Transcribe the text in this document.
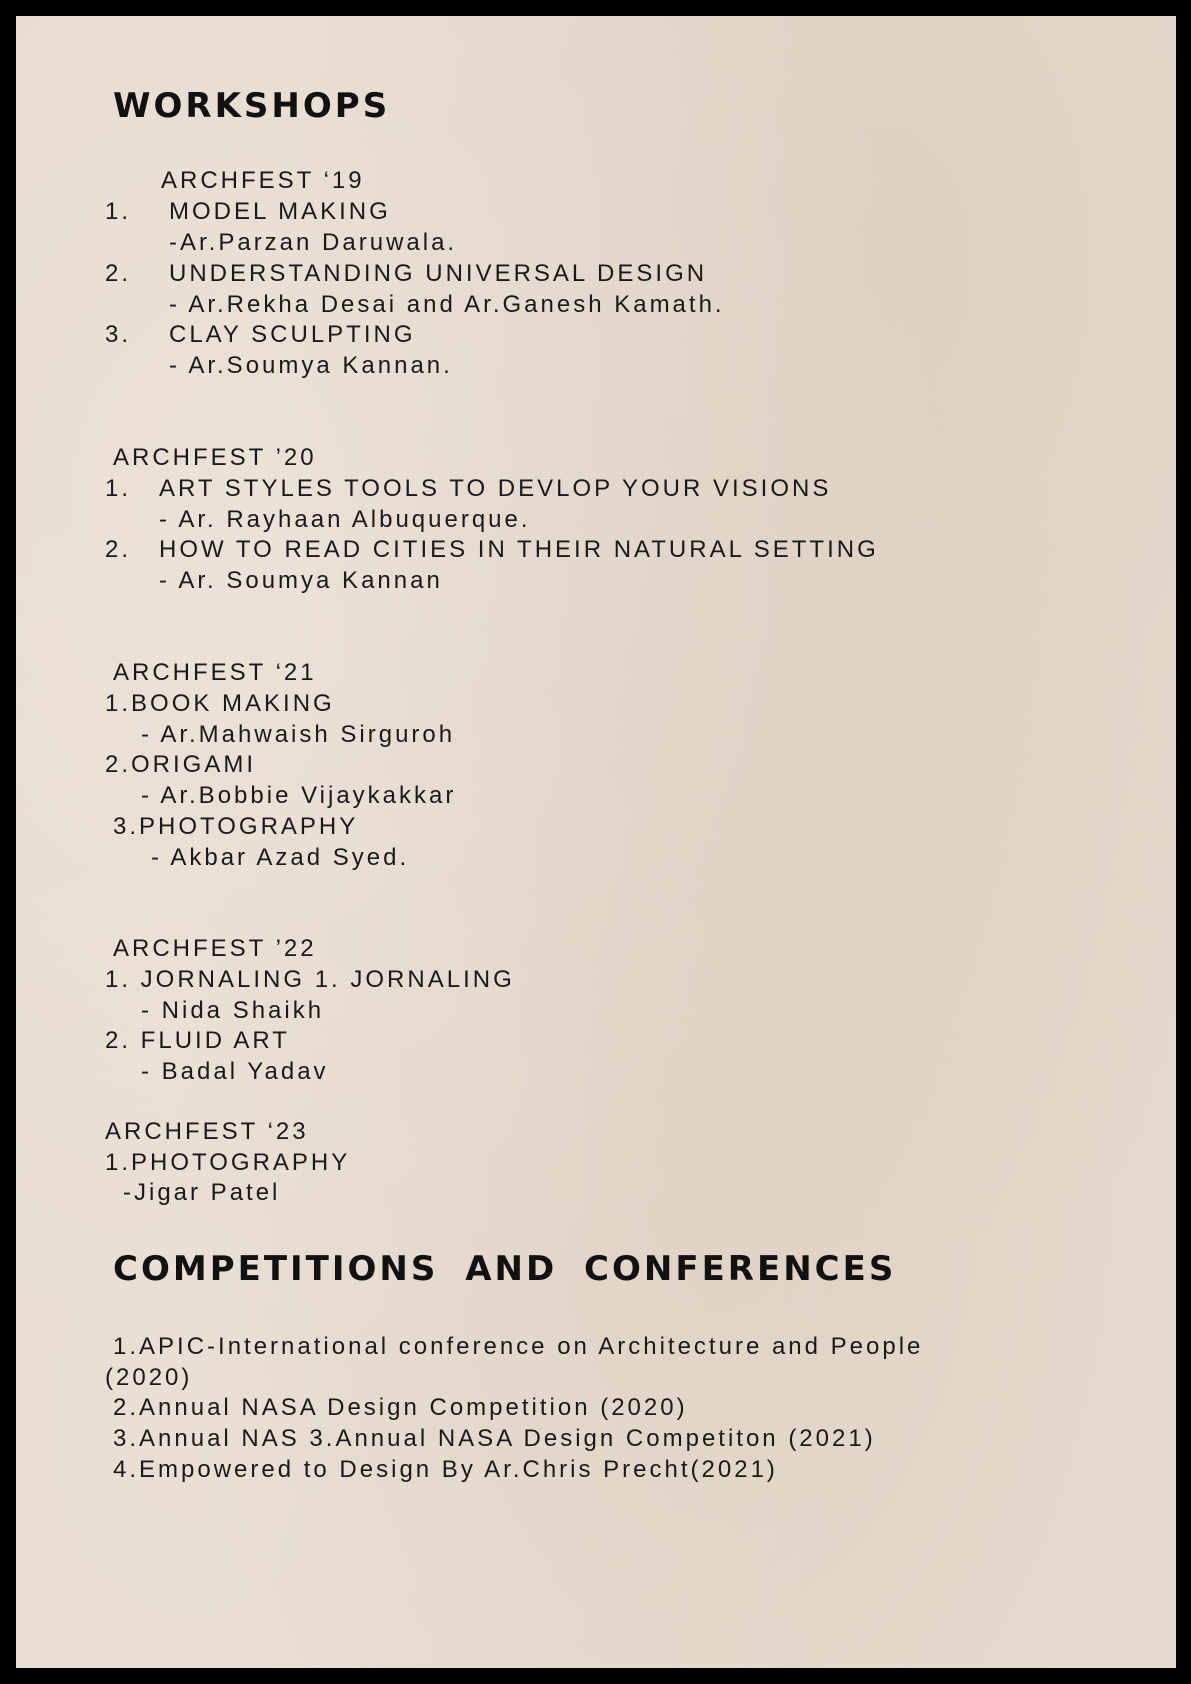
WORKSHOPS
ARCHFEST ‘19
1. MODEL MAKING
-Ar.Parzan Daruwala.
2. UNDERSTANDING UNIVERSAL DESIGN
- Ar.Rekha Desai and Ar.Ganesh Kamath.
3. CLAY SCULPTING
- Ar.Soumya Kannan.
ARCHFEST ’20
1. ART STYLES TOOLS TO DEVLOP YOUR VISIONS
- Ar. Rayhaan Albuquerque.
2. HOW TO READ CITIES IN THEIR NATURAL SETTING
- Ar. Soumya Kannan
ARCHFEST ‘21
1.BOOK MAKING
- Ar.Mahwaish Sirguroh
2.ORIGAMI
- Ar.Bobbie Vijaykakkar
3.PHOTOGRAPHY
- Akbar Azad Syed.
ARCHFEST ’22
1. JORNALING 1. JORNALING
- Nida Shaikh
2. FLUID ART
- Badal Yadav
ARCHFEST ‘23
1.PHOTOGRAPHY
-Jigar Patel
COMPETITIONS AND CONFERENCES
1.APIC-International conference on Architecture and People
(2020)
2.Annual NASA Design Competition (2020)
3.Annual NAS 3.Annual NASA Design Competiton (2021)
4.Empowered to Design By Ar.Chris Precht(2021)
